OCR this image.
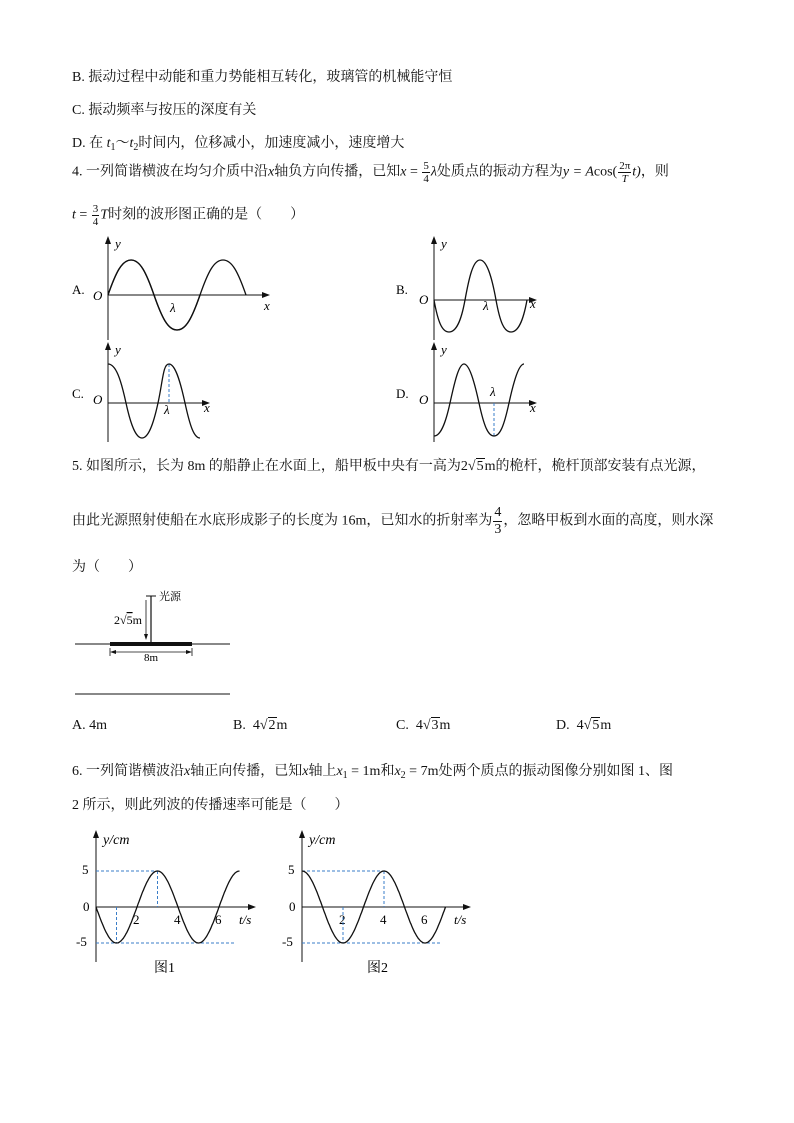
B. 振动过程中动能和重力势能相互转化，玻璃管的机械能守恒
C. 振动频率与按压的深度有关
D. 在 $t_1\sim t_2$时间内，位移减小，加速度减小，速度增大
4. 一列简谐横波在均匀介质中沿x轴负方向传播，已知$x = \frac{5}{4}$ λ处质点的振动方程为$y = Acos( \frac{2\pi}{T} t)$，则
$t = \frac{3}{4}$ T时刻的波形图正确的是（　　）
A.
y
x
O
λ
B.
y
x
O	λ
C.
y
x
O
λ
D.
y
x
O
λ
5. 如图所示，长为 8m 的船静止在水面上，船甲板中央有一高为2√5m的桅杆，桅杆顶部安装有点光源，
由此光源照射使船在水底形成影子的长度为 16m，已知水的折射率为 $\frac{4}{3}$ ，忽略甲板到水面的高度，则水深
为（　　）
光源
2√5m
8m
A. 4m	B. 4√2m	C. 4√3m	D. 4√5m
6. 一列简谐横波沿x轴正向传播，已知x轴上$x_1 = 1m$和$x_2 = 7m$处两个质点的振动图像分别如图 1、图
2 所示，则此列波的传播速率可能是（　　）
y/cm
t/s
5
0
-5
2	4	6
图1
y/cm
t/s
5
0
-5
2	4	6
图2
